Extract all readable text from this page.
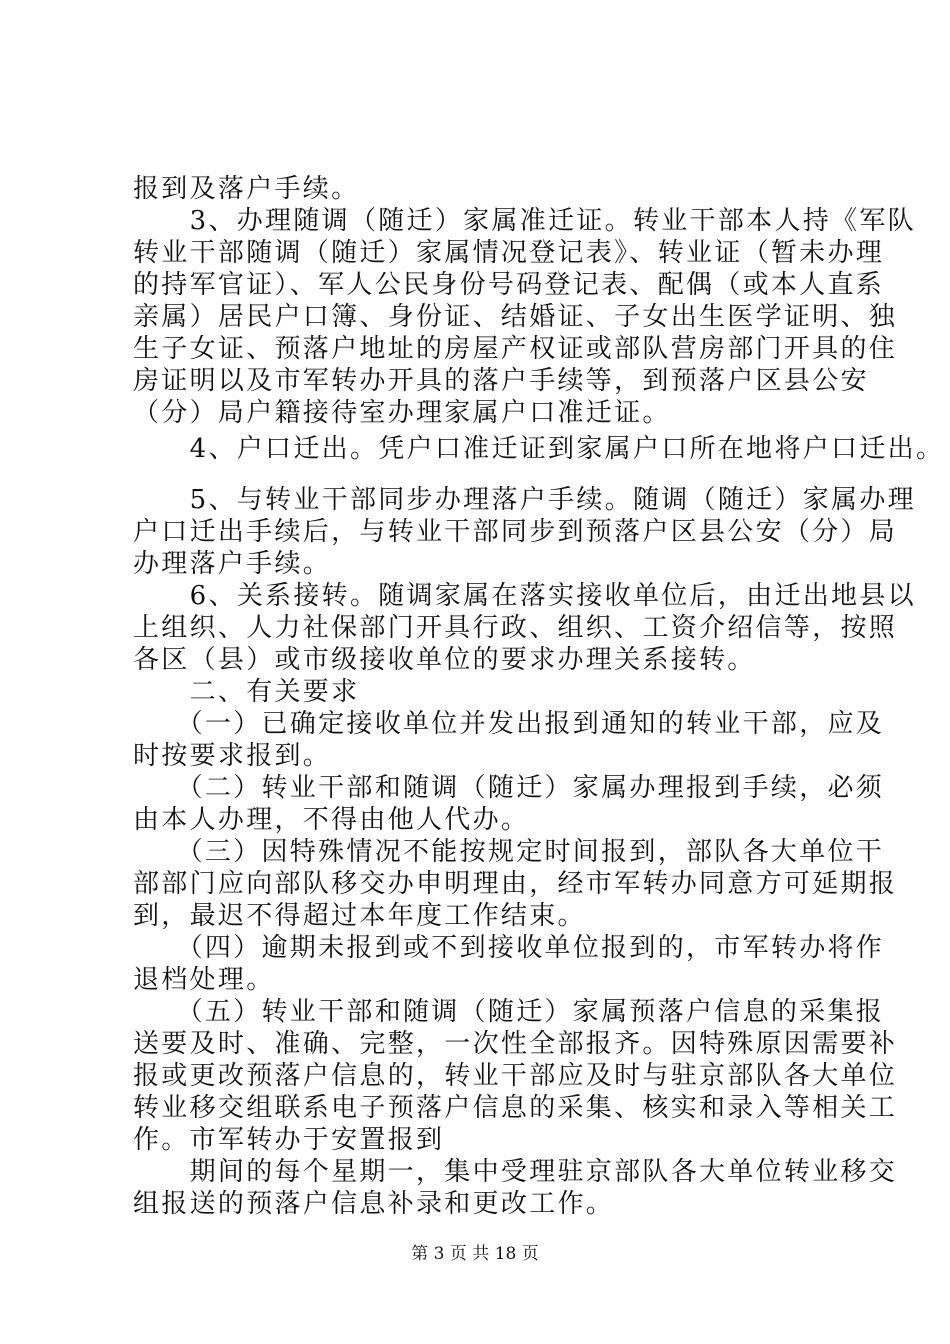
报到及落户手续。
　　3、办理随调（随迁）家属准迁证。转业干部本人持《军队
转业干部随调（随迁）家属情况登记表》、转业证（暂未办理
的持军官证）、军人公民身份号码登记表、配偶（或本人直系
亲属）居民户口簿、身份证、结婚证、子女出生医学证明、独
生子女证、预落户地址的房屋产权证或部队营房部门开具的住
房证明以及市军转办开具的落户手续等，到预落户区县公安
（分）局户籍接待室办理家属户口准迁证。
　　4、户口迁出。凭户口准迁证到家属户口所在地将户口迁出。
　　5、与转业干部同步办理落户手续。随调（随迁）家属办理
户口迁出手续后，与转业干部同步到预落户区县公安（分）局
办理落户手续。
　　6、关系接转。随调家属在落实接收单位后，由迁出地县以
上组织、人力社保部门开具行政、组织、工资介绍信等，按照
各区（县）或市级接收单位的要求办理关系接转。
　　二、有关要求
　　（一）已确定接收单位并发出报到通知的转业干部，应及
时按要求报到。
　　（二）转业干部和随调（随迁）家属办理报到手续，必须
由本人办理，不得由他人代办。
　　（三）因特殊情况不能按规定时间报到，部队各大单位干
部部门应向部队移交办申明理由，经市军转办同意方可延期报
到，最迟不得超过本年度工作结束。
　　（四）逾期未报到或不到接收单位报到的，市军转办将作
退档处理。
　　（五）转业干部和随调（随迁）家属预落户信息的采集报
送要及时、准确、完整，一次性全部报齐。因特殊原因需要补
报或更改预落户信息的，转业干部应及时与驻京部队各大单位
转业移交组联系电子预落户信息的采集、核实和录入等相关工
作。市军转办于安置报到
　　期间的每个星期一，集中受理驻京部队各大单位转业移交
组报送的预落户信息补录和更改工作。
第 3 页 共 18 页
